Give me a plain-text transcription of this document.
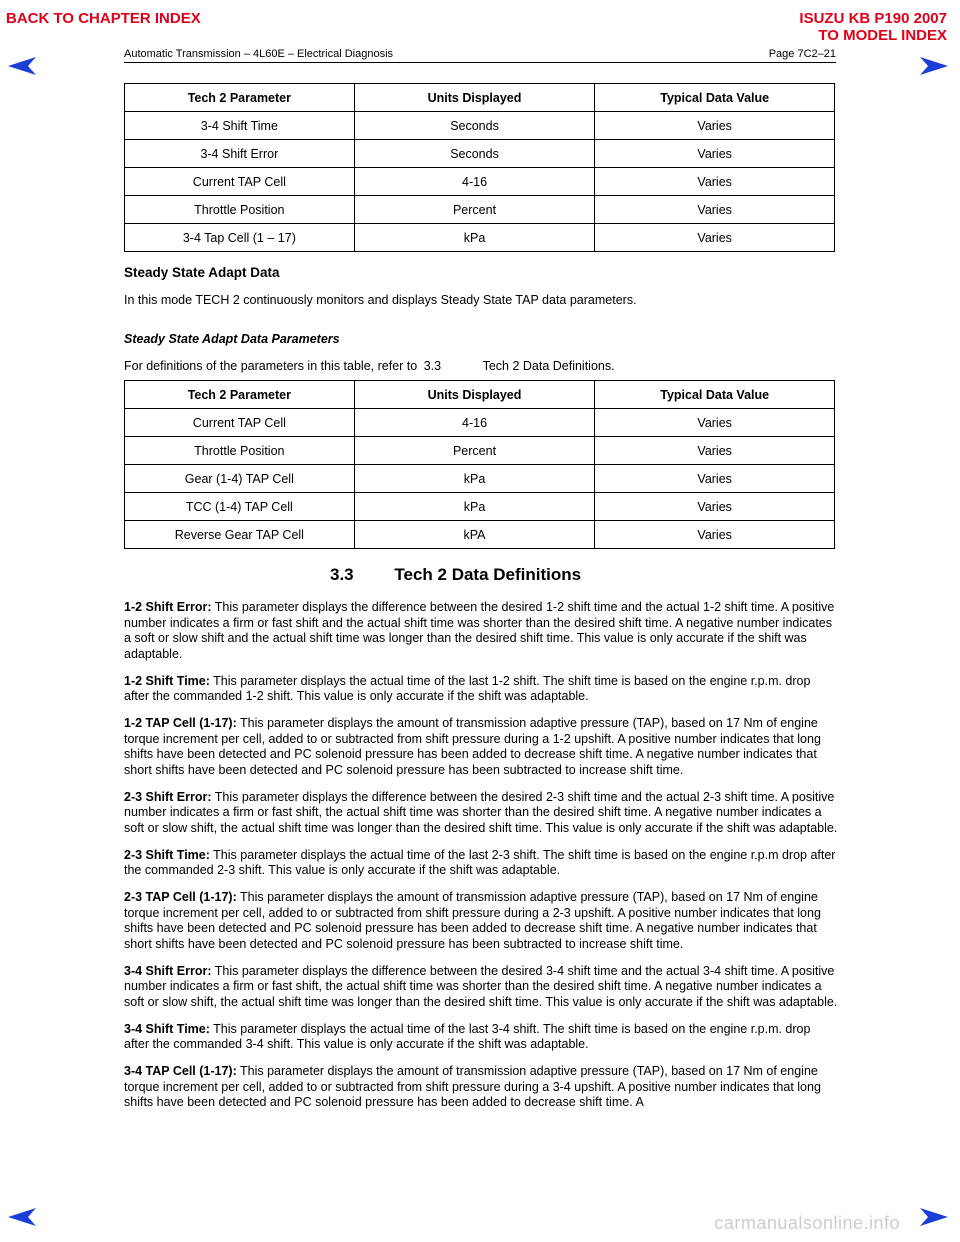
BACK TO CHAPTER INDEX	ISUZU KB P190 2007
TO MODEL INDEX
Automatic Transmission – 4L60E – Electrical Diagnosis	Page 7C2–21
Tech 2 Parameter	Units Displayed	Typical Data Value
3-4 Shift Time	Seconds	Varies
3-4 Shift Error	Seconds	Varies
Current TAP Cell	4-16	Varies
Throttle Position	Percent	Varies
3-4 Tap Cell (1 – 17)	kPa	Varies
Steady State Adapt Data
In this mode TECH 2 continuously monitors and displays Steady State TAP data parameters.
Steady State Adapt Data Parameters
For definitions of the parameters in this table, refer to 3.3	Tech 2 Data Definitions.
Tech 2 Parameter	Units Displayed	Typical Data Value
Current TAP Cell	4-16	Varies
Throttle Position	Percent	Varies
Gear (1-4) TAP Cell	kPa	Varies
TCC (1-4) TAP Cell	kPa	Varies
Reverse Gear TAP Cell	kPA	Varies
3.3 Tech 2 Data Definitions

1-2 Shift Error: This parameter displays the difference between the desired 1-2 shift time and the actual 1-2 shift time. A positive number indicates a firm or fast shift and the actual shift time was shorter than the desired shift time. A negative number indicates a soft or slow shift and the actual shift time was longer than the desired shift time. This value is only accurate if the shift was adaptable.

1-2 Shift Time: This parameter displays the actual time of the last 1-2 shift. The shift time is based on the engine r.p.m. drop after the commanded 1-2 shift. This value is only accurate if the shift was adaptable.

1-2 TAP Cell (1-17): This parameter displays the amount of transmission adaptive pressure (TAP), based on 17 Nm of engine torque increment per cell, added to or subtracted from shift pressure during a 1-2 upshift. A positive number indicates that long shifts have been detected and PC solenoid pressure has been added to decrease shift time. A negative number indicates that short shifts have been detected and PC solenoid pressure has been subtracted to increase shift time.

2-3 Shift Error: This parameter displays the difference between the desired 2-3 shift time and the actual 2-3 shift time. A positive number indicates a firm or fast shift, the actual shift time was shorter than the desired shift time. A negative number indicates a soft or slow shift, the actual shift time was longer than the desired shift time. This value is only accurate if the shift was adaptable.

2-3 Shift Time: This parameter displays the actual time of the last 2-3 shift. The shift time is based on the engine r.p.m drop after the commanded 2-3 shift. This value is only accurate if the shift was adaptable.

2-3 TAP Cell (1-17): This parameter displays the amount of transmission adaptive pressure (TAP), based on 17 Nm of engine torque increment per cell, added to or subtracted from shift pressure during a 2-3 upshift. A positive number indicates that long shifts have been detected and PC solenoid pressure has been added to decrease shift time. A negative number indicates that short shifts have been detected and PC solenoid pressure has been subtracted to increase shift time.

3-4 Shift Error: This parameter displays the difference between the desired 3-4 shift time and the actual 3-4 shift time. A positive number indicates a firm or fast shift, the actual shift time was shorter than the desired shift time. A negative number indicates a soft or slow shift, the actual shift time was longer than the desired shift time. This value is only accurate if the shift was adaptable.

3-4 Shift Time: This parameter displays the actual time of the last 3-4 shift. The shift time is based on the engine r.p.m. drop after the commanded 3-4 shift. This value is only accurate if the shift was adaptable.

3-4 TAP Cell (1-17): This parameter displays the amount of transmission adaptive pressure (TAP), based on 17 Nm of engine torque increment per cell, added to or subtracted from shift pressure during a 3-4 upshift. A positive number indicates that long shifts have been detected and PC solenoid pressure has been added to decrease shift time. A

carmanualsonline.info
